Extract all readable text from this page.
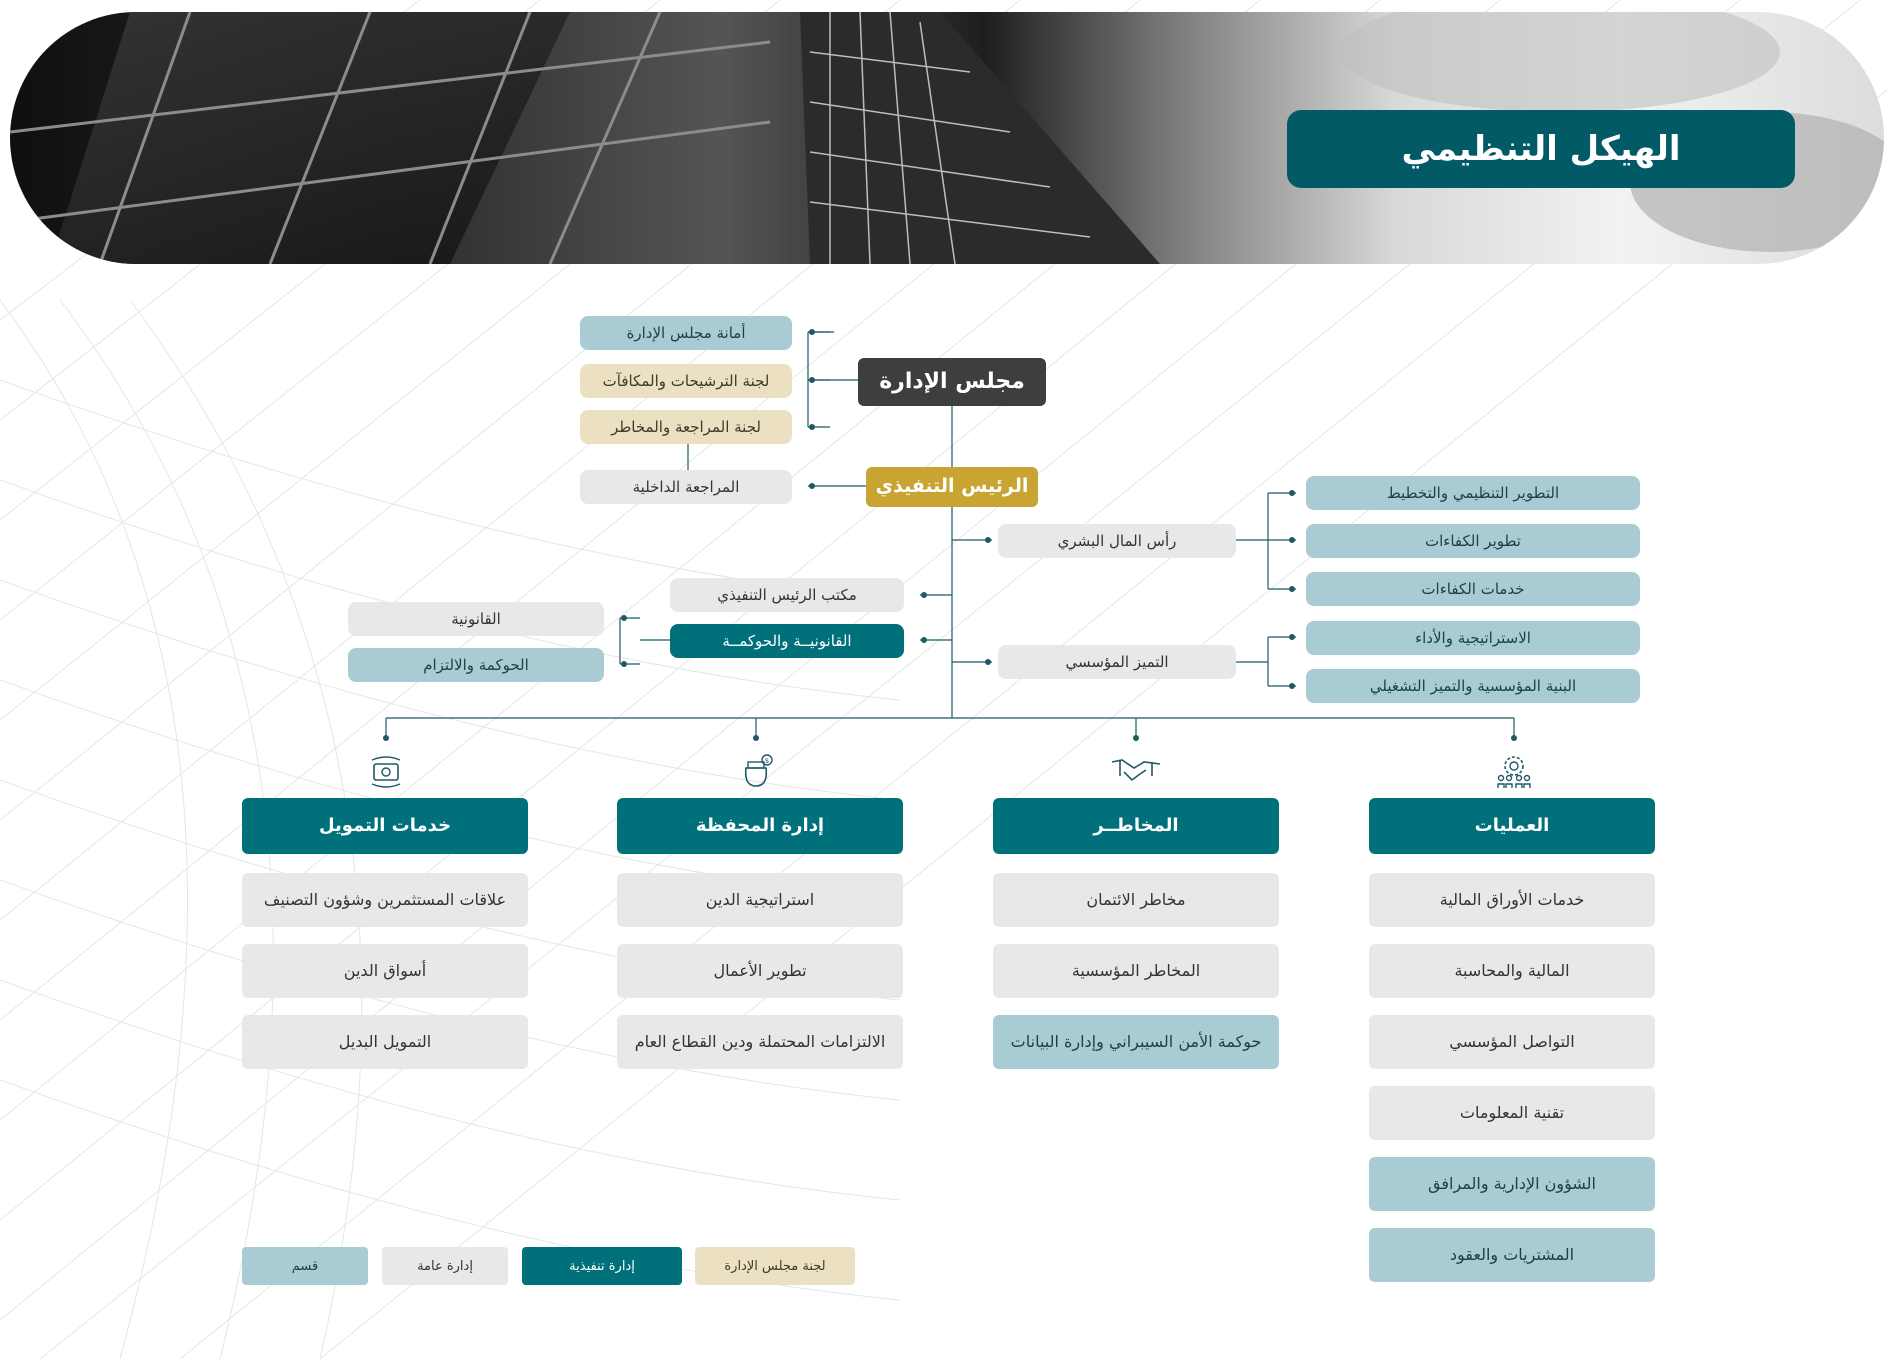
الهيكل التنظيمي
أمانة مجلس الإدارة
لجنة الترشيحات والمكافآت
لجنة المراجعة والمخاطر
المراجعة الداخلية
مجلس الإدارة
الرئيس التنفيذي
رأس المال البشري
التطوير التنظيمي والتخطيط
تطوير الكفاءات
خدمات الكفاءات
التميز المؤسسي
الاستراتيجية والأداء
البنية المؤسسية والتميز التشغيلي
مكتب الرئيس التنفيذي
القانونيــة والحوكمــة
القانونية
الحوكمة والالتزام
$
خدمات التمويل	إدارة المحفظة	المخاطــر	العمليات
علاقات المستثمرين وشؤون التصنيف
أسواق الدين
التمويل البديل
استراتيجية الدين
تطوير الأعمال
الالتزامات المحتملة ودين القطاع العام
مخاطر الائتمان
المخاطر المؤسسية
حوكمة الأمن السيبراني وإدارة البيانات
خدمات الأوراق المالية
المالية والمحاسبة
التواصل المؤسسي
تقنية المعلومات
الشؤون الإدارية والمرافق
المشتريات والعقود
قسم	إدارة عامة	إدارة تنفيذية	لجنة مجلس الإدارة
